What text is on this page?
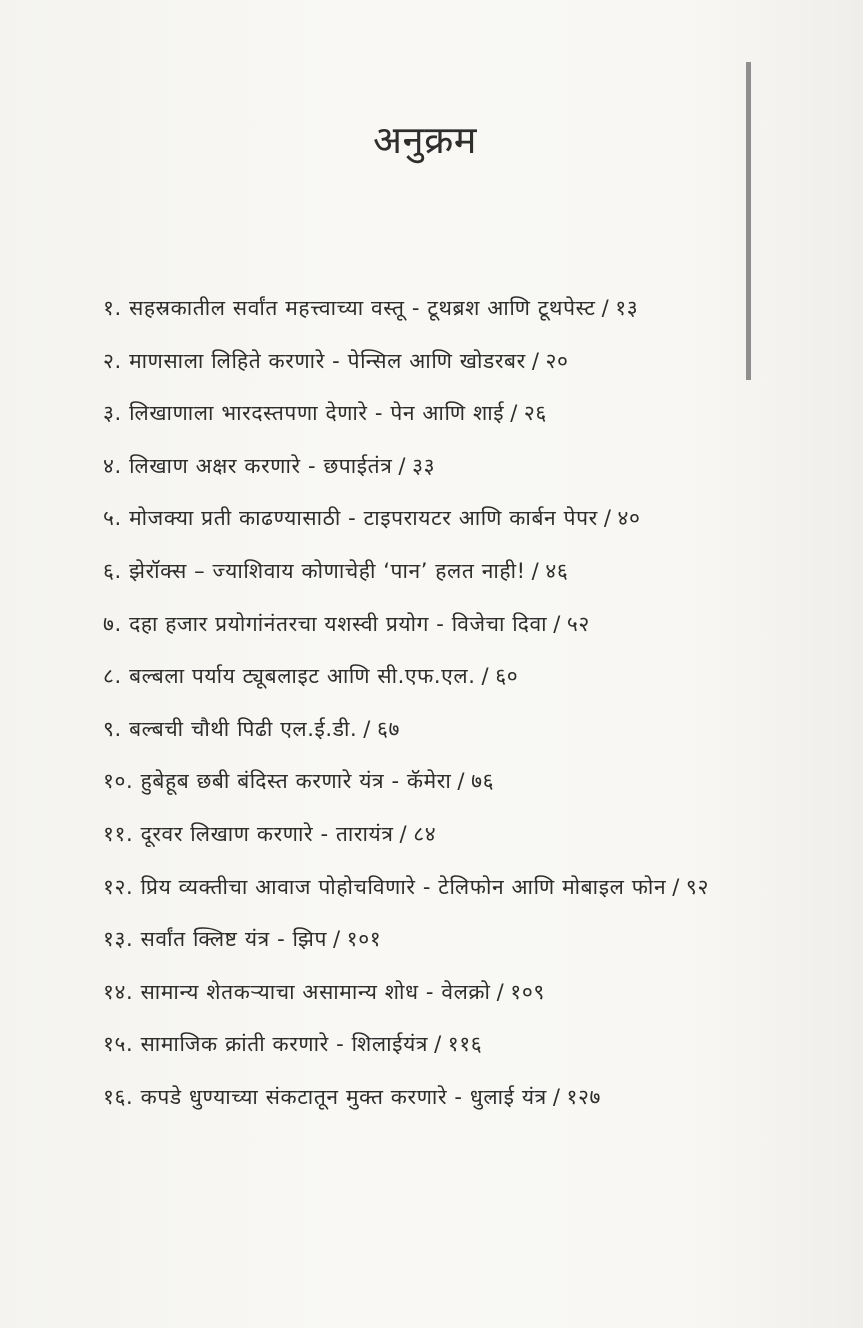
अनुक्रम
१. सहस्रकातील सर्वांत महत्त्वाच्या वस्तू - टूथब्रश आणि टूथपेस्ट / १३
२. माणसाला लिहिते करणारे - पेन्सिल आणि खोडरबर / २०
३. लिखाणाला भारदस्तपणा देणारे - पेन आणि शाई / २६
४. लिखाण अक्षर करणारे - छपाईतंत्र / ३३
५. मोजक्या प्रती काढण्यासाठी - टाइपरायटर आणि कार्बन पेपर / ४०
६. झेरॉक्स – ज्याशिवाय कोणाचेही ‘पान’ हलत नाही! / ४६
७. दहा हजार प्रयोगांनंतरचा यशस्वी प्रयोग - विजेचा दिवा / ५२
८. बल्बला पर्याय ट्यूबलाइट आणि सी.एफ.एल. / ६०
९. बल्बची चौथी पिढी एल.ई.डी. / ६७
१०. हुबेहूब छबी बंदिस्त करणारे यंत्र - कॅमेरा / ७६
११. दूरवर लिखाण करणारे - तारायंत्र / ८४
१२. प्रिय व्यक्तीचा आवाज पोहोचविणारे - टेलिफोन आणि मोबाइल फोन / ९२
१३. सर्वांत क्लिष्ट यंत्र - झिप / १०१
१४. सामान्य शेतकऱ्याचा असामान्य शोध - वेलक्रो / १०९
१५. सामाजिक क्रांती करणारे - शिलाईयंत्र / ११६
१६. कपडे धुण्याच्या संकटातून मुक्त करणारे - धुलाई यंत्र / १२७
